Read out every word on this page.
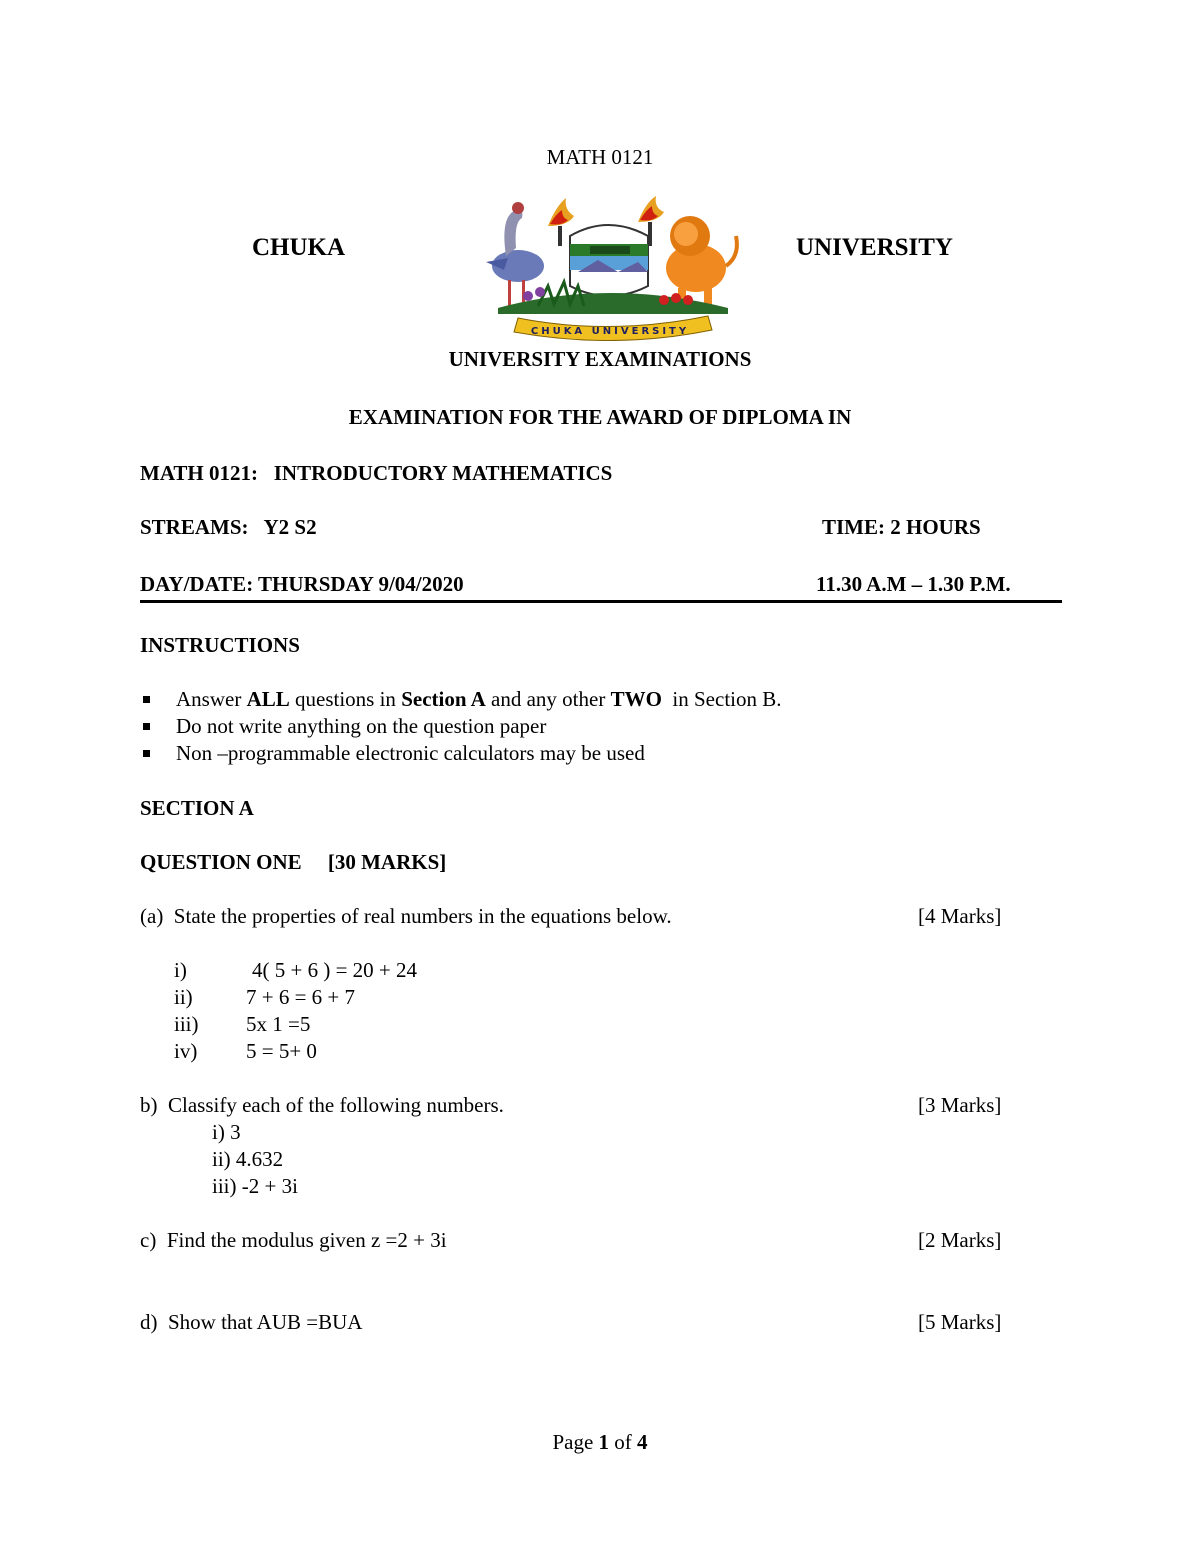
MATH 0121
CHUKA	UNIVERSITY
CHUKA UNIVERSITY
UNIVERSITY EXAMINATIONS
EXAMINATION FOR THE AWARD OF DIPLOMA IN
MATH 0121:   INTRODUCTORY MATHEMATICS
STREAMS:   Y2 S2	TIME: 2 HOURS
DAY/DATE: THURSDAY 9/04/2020	11.30 A.M – 1.30 P.M.
INSTRUCTIONS
Answer ALL questions in Section A and any other TWO  in Section B.
Do not write anything on the question paper
Non –programmable electronic calculators may be used
SECTION A
QUESTION ONE     [30 MARKS]
(a)  State the properties of real numbers in the equations below.	[4 Marks]
i)	4( 5 + 6 ) = 20 + 24
ii)	7 + 6 = 6 + 7
iii) 5x 1 =5
iv) 5 = 5+ 0
b)  Classify each of the following numbers.	[3 Marks]
i) 3
ii) 4.632
iii) -2 + 3i
c)  Find the modulus given z =2 + 3i	[2 Marks]
d)  Show that AUB =BUA	[5 Marks]
Page 1 of 4
